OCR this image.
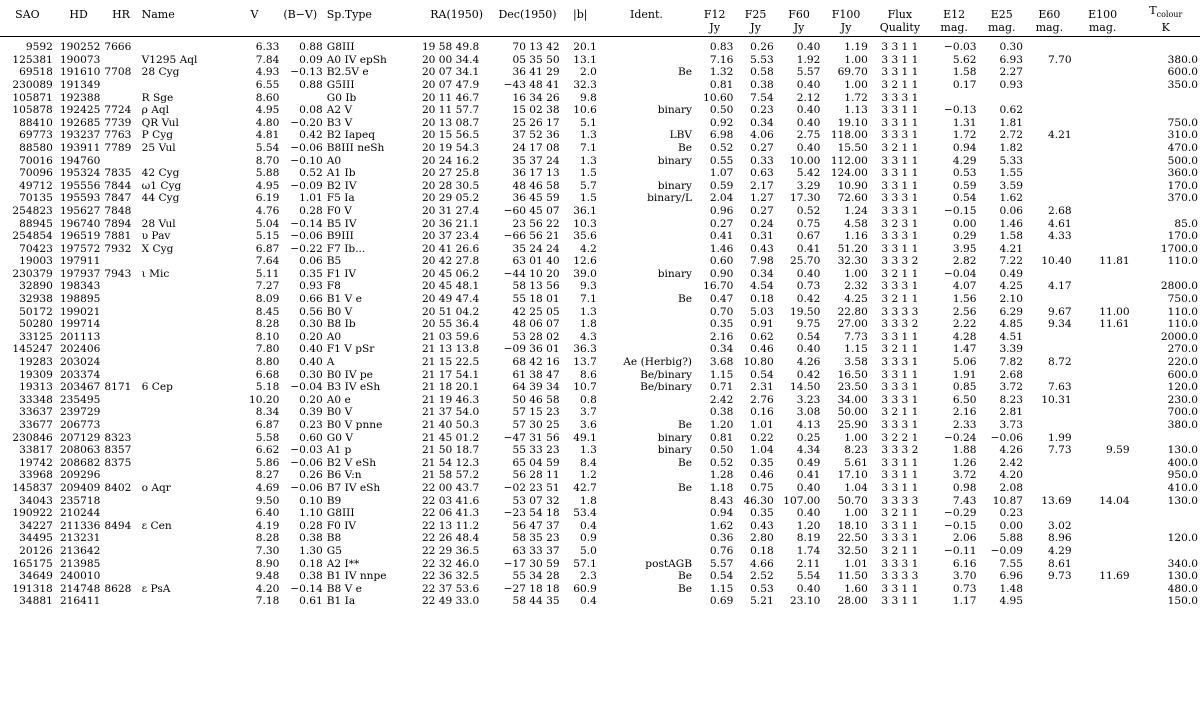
SAO	HD	HR	Name	V	(B−V)	Sp.Type	RA(1950)	Dec(1950)	|b|	Ident.	F12	F25	F60	F100	Flux	E12	E25	E60	E100	$T_{colour}$
											Jy	Jy	Jy	Jy	Quality	mag.	mag.	mag.	mag.	K
9592	190252	7666		6.33	0.88	G8III	19 58 49.8	70 13 42	20.1		0.83	0.26	0.40	1.19	3 3 1 1	−0.03	0.30			
125381	190073		V1295 Aql	7.84	0.09	A0 IV epSh	20 00 34.4	05 35 50	13.1		7.16	5.53	1.92	1.00	3 3 1 1	5.62	6.93	7.70		380.0
69518	191610	7708	28 Cyg	4.93	−0.13	B2.5V e	20 07 34.1	36 41 29	2.0	Be	1.32	0.58	5.57	69.70	3 3 1 1	1.58	2.27			600.0
230089	191349			6.55	0.88	G5III	20 07 47.9	−43 48 41	32.3		0.81	0.38	0.40	1.00	3 2 1 1	0.17	0.93			350.0
105871	192388		R Sge	8.60		G0 Ib	20 11 46.7	16 34 26	9.8		10.60	7.54	2.12	1.72	3 3 3 1					
105878	192425	7724	ρ Aql	4.95	0.08	A2 V	20 11 57.7	15 02 38	10.6	binary	0.50	0.23	0.40	1.13	3 3 1 1	−0.13	0.62			
88410	192685	7739	QR Vul	4.80	−0.20	B3 V	20 13 08.7	25 26 17	5.1		0.92	0.34	0.40	19.10	3 3 1 1	1.31	1.81			750.0
69773	193237	7763	P Cyg	4.81	0.42	B2 Iapeq	20 15 56.5	37 52 36	1.3	LBV	6.98	4.06	2.75	118.00	3 3 3 1	1.72	2.72	4.21		310.0
88580	193911	7789	25 Vul	5.54	−0.06	B8III neSh	20 19 54.3	24 17 08	7.1	Be	0.52	0.27	0.40	15.50	3 2 1 1	0.94	1.82			470.0
70016	194760			8.70	−0.10	A0	20 24 16.2	35 37 24	1.3	binary	0.55	0.33	10.00	112.00	3 3 1 1	4.29	5.33			500.0
70096	195324	7835	42 Cyg	5.88	0.52	A1 Ib	20 27 25.8	36 17 13	1.5		1.07	0.63	5.42	124.00	3 3 1 1	0.53	1.55			360.0
49712	195556	7844	ω1 Cyg	4.95	−0.09	B2 IV	20 28 30.5	48 46 58	5.7	binary	0.59	2.17	3.29	10.90	3 3 1 1	0.59	3.59			170.0
70135	195593	7847	44 Cyg	6.19	1.01	F5 Ia	20 29 05.2	36 45 59	1.5	binary/L	2.04	1.27	17.30	72.60	3 3 3 1	0.54	1.62			370.0
254823	195627	7848		4.76	0.28	F0 V	20 31 27.4	−60 45 07	36.1		0.96	0.27	0.52	1.24	3 3 3 1	−0.15	0.06	2.68		
88945	196740	7894	28 Vul	5.04	−0.14	B5 IV	20 36 21.1	23 56 22	10.3		0.27	0.24	0.75	4.58	3 2 3 1	0.00	1.46	4.61		85.0
254854	196519	7881	υ Pav	5.15	−0.06	B9III	20 37 23.4	−66 56 21	35.6		0.41	0.31	0.67	1.16	3 3 3 1	0.29	1.58	4.33		170.0
70423	197572	7932	X Cyg	6.87	−0.22	F7 Ib...	20 41 26.6	35 24 24	4.2		1.46	0.43	0.41	51.20	3 3 1 1	3.95	4.21			1700.0
19003	197911			7.64	0.06	B5	20 42 27.8	63 01 40	12.6		0.60	7.98	25.70	32.30	3 3 3 2	2.82	7.22	10.40	11.81	110.0
230379	197937	7943	ι Mic	5.11	0.35	F1 IV	20 45 06.2	−44 10 20	39.0	binary	0.90	0.34	0.40	1.00	3 2 1 1	−0.04	0.49			
32890	198343			7.27	0.93	F8	20 45 48.1	58 13 56	9.3		16.70	4.54	0.73	2.32	3 3 3 1	4.07	4.25	4.17		2800.0
32938	198895			8.09	0.66	B1 V e	20 49 47.4	55 18 01	7.1	Be	0.47	0.18	0.42	4.25	3 2 1 1	1.56	2.10			750.0
50172	199021			8.45	0.56	B0 V	20 51 04.2	42 25 05	1.3		0.70	5.03	19.50	22.80	3 3 3 3	2.56	6.29	9.67	11.00	110.0
50280	199714			8.28	0.30	B8 Ib	20 55 36.4	48 06 07	1.8		0.35	0.91	9.75	27.00	3 3 3 2	2.22	4.85	9.34	11.61	110.0
33125	201113			8.10	0.20	A0	21 03 59.6	53 28 02	4.3		2.16	0.62	0.54	7.73	3 3 1 1	4.28	4.51			2000.0
145247	202406			7.80	0.40	F1 V pSr	21 13 13.8	−09 36 01	36.3		0.34	0.46	0.40	1.15	3 2 1 1	1.47	3.39			270.0
19283	203024			8.80	0.40	A	21 15 22.5	68 42 16	13.7	Ae (Herbig?)	3.68	10.80	4.26	3.58	3 3 3 1	5.06	7.82	8.72		220.0
19309	203374			6.68	0.30	B0 IV pe	21 17 54.1	61 38 47	8.6	Be/binary	1.15	0.54	0.42	16.50	3 3 1 1	1.91	2.68			600.0
19313	203467	8171	6 Cep	5.18	−0.04	B3 IV eSh	21 18 20.1	64 39 34	10.7	Be/binary	0.71	2.31	14.50	23.50	3 3 3 1	0.85	3.72	7.63		120.0
33348	235495			10.20	0.20	A0 e	21 19 46.3	50 46 58	0.8		2.42	2.76	3.23	34.00	3 3 3 1	6.50	8.23	10.31		230.0
33637	239729			8.34	0.39	B0 V	21 37 54.0	57 15 23	3.7		0.38	0.16	3.08	50.00	3 2 1 1	2.16	2.81			700.0
33677	206773			6.87	0.23	B0 V pnne	21 40 50.3	57 30 25	3.6	Be	1.20	1.01	4.13	25.90	3 3 3 1	2.33	3.73			380.0
230846	207129	8323		5.58	0.60	G0 V	21 45 01.2	−47 31 56	49.1	binary	0.81	0.22	0.25	1.00	3 2 2 1	−0.24	−0.06	1.99		
33817	208063	8357		6.62	−0.03	A1 p	21 50 18.7	55 33 23	1.3	binary	0.50	1.04	4.34	8.23	3 3 3 2	1.88	4.26	7.73	9.59	130.0
19742	208682	8375		5.86	−0.06	B2 V eSh	21 54 12.3	65 04 59	8.4	Be	0.52	0.35	0.49	5.61	3 3 1 1	1.26	2.42			400.0
33968	209296			8.27	0.26	B6 V:n	21 58 57.2	56 28 11	1.2		1.28	0.46	0.41	17.10	3 3 1 1	3.72	4.20			950.0
145837	209409	8402	o Aqr	4.69	−0.06	B7 IV eSh	22 00 43.7	−02 23 51	42.7	Be	1.18	0.75	0.40	1.04	3 3 1 1	0.98	2.08			410.0
34043	235718			9.50	0.10	B9	22 03 41.6	53 07 32	1.8		8.43	46.30	107.00	50.70	3 3 3 3	7.43	10.87	13.69	14.04	130.0
190922	210244			6.40	1.10	G8III	22 06 41.3	−23 54 18	53.4		0.94	0.35	0.40	1.00	3 2 1 1	−0.29	0.23			
34227	211336	8494	ε Cen	4.19	0.28	F0 IV	22 13 11.2	56 47 37	0.4		1.62	0.43	1.20	18.10	3 3 1 1	−0.15	0.00	3.02		
34495	213231			8.28	0.38	B8	22 26 48.4	58 35 23	0.9		0.36	2.80	8.19	22.50	3 3 3 1	2.06	5.88	8.96		120.0
20126	213642			7.30	1.30	G5	22 29 36.5	63 33 37	5.0		0.76	0.18	1.74	32.50	3 2 1 1	−0.11	−0.09	4.29		
165175	213985			8.90	0.18	A2 I**	22 32 46.0	−17 30 59	57.1	postAGB	5.57	4.66	2.11	1.01	3 3 3 1	6.16	7.55	8.61		340.0
34649	240010			9.48	0.38	B1 IV nnpe	22 36 32.5	55 34 28	2.3	Be	0.54	2.52	5.54	11.50	3 3 3 3	3.70	6.96	9.73	11.69	130.0
191318	214748	8628	ε PsA	4.20	−0.14	B8 V e	22 37 53.6	−27 18 18	60.9	Be	1.15	0.53	0.40	1.60	3 3 1 1	0.73	1.48			480.0
34881	216411			7.18	0.61	B1 Ia	22 49 33.0	58 44 35	0.4		0.69	5.21	23.10	28.00	3 3 1 1	1.17	4.95			150.0
